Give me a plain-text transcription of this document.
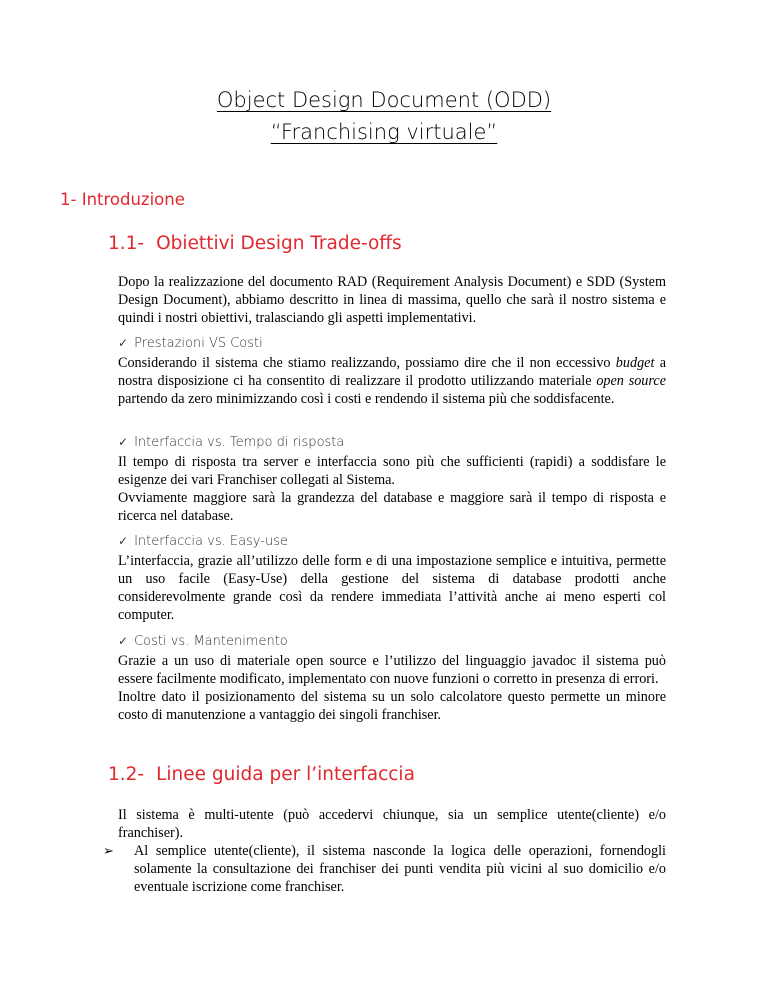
Object Design Document (ODD)
“Franchising virtuale”
1- Introduzione
1.1- Obiettivi Design Trade-offs
Dopo la realizzazione del documento RAD (Requirement Analysis Document) e SDD (System Design Document), abbiamo descritto in linea di massima, quello che sarà il nostro sistema e quindi i nostri obiettivi, tralasciando gli aspetti implementativi.
✓ Prestazioni VS Costi
Considerando il sistema che stiamo realizzando, possiamo dire che il non eccessivo budget a nostra disposizione ci ha consentito di realizzare il prodotto utilizzando materiale open source partendo da zero minimizzando così i costi e rendendo il sistema più che soddisfacente.
✓ Interfaccia vs. Tempo di risposta
Il tempo di risposta tra server e interfaccia sono più che sufficienti (rapidi) a soddisfare le esigenze dei vari Franchiser collegati al Sistema.
Ovviamente maggiore sarà la grandezza del database e maggiore sarà il tempo di risposta e ricerca nel database.
✓ Interfaccia vs. Easy-use
L’interfaccia, grazie all’utilizzo delle form e di una impostazione semplice e intuitiva, permette un uso facile (Easy-Use) della gestione del sistema di database prodotti anche considerevolmente grande così da rendere immediata l’attività anche ai meno esperti col computer.
✓ Costi vs. Mantenimento
Grazie a un uso di materiale open source e l’utilizzo del linguaggio javadoc il sistema può essere facilmente modificato, implementato con nuove funzioni o corretto in presenza di errori.
Inoltre dato il posizionamento del sistema su un solo calcolatore questo permette un minore costo di manutenzione a vantaggio dei singoli franchiser.
1.2- Linee guida per l’interfaccia
Il sistema è multi-utente (può accedervi chiunque, sia un semplice utente(cliente) e/o franchiser).
➢ Al semplice utente(cliente), il sistema nasconde la logica delle operazioni, fornendogli solamente la consultazione dei franchiser dei punti vendita più vicini al suo domicilio e/o eventuale iscrizione come franchiser.
